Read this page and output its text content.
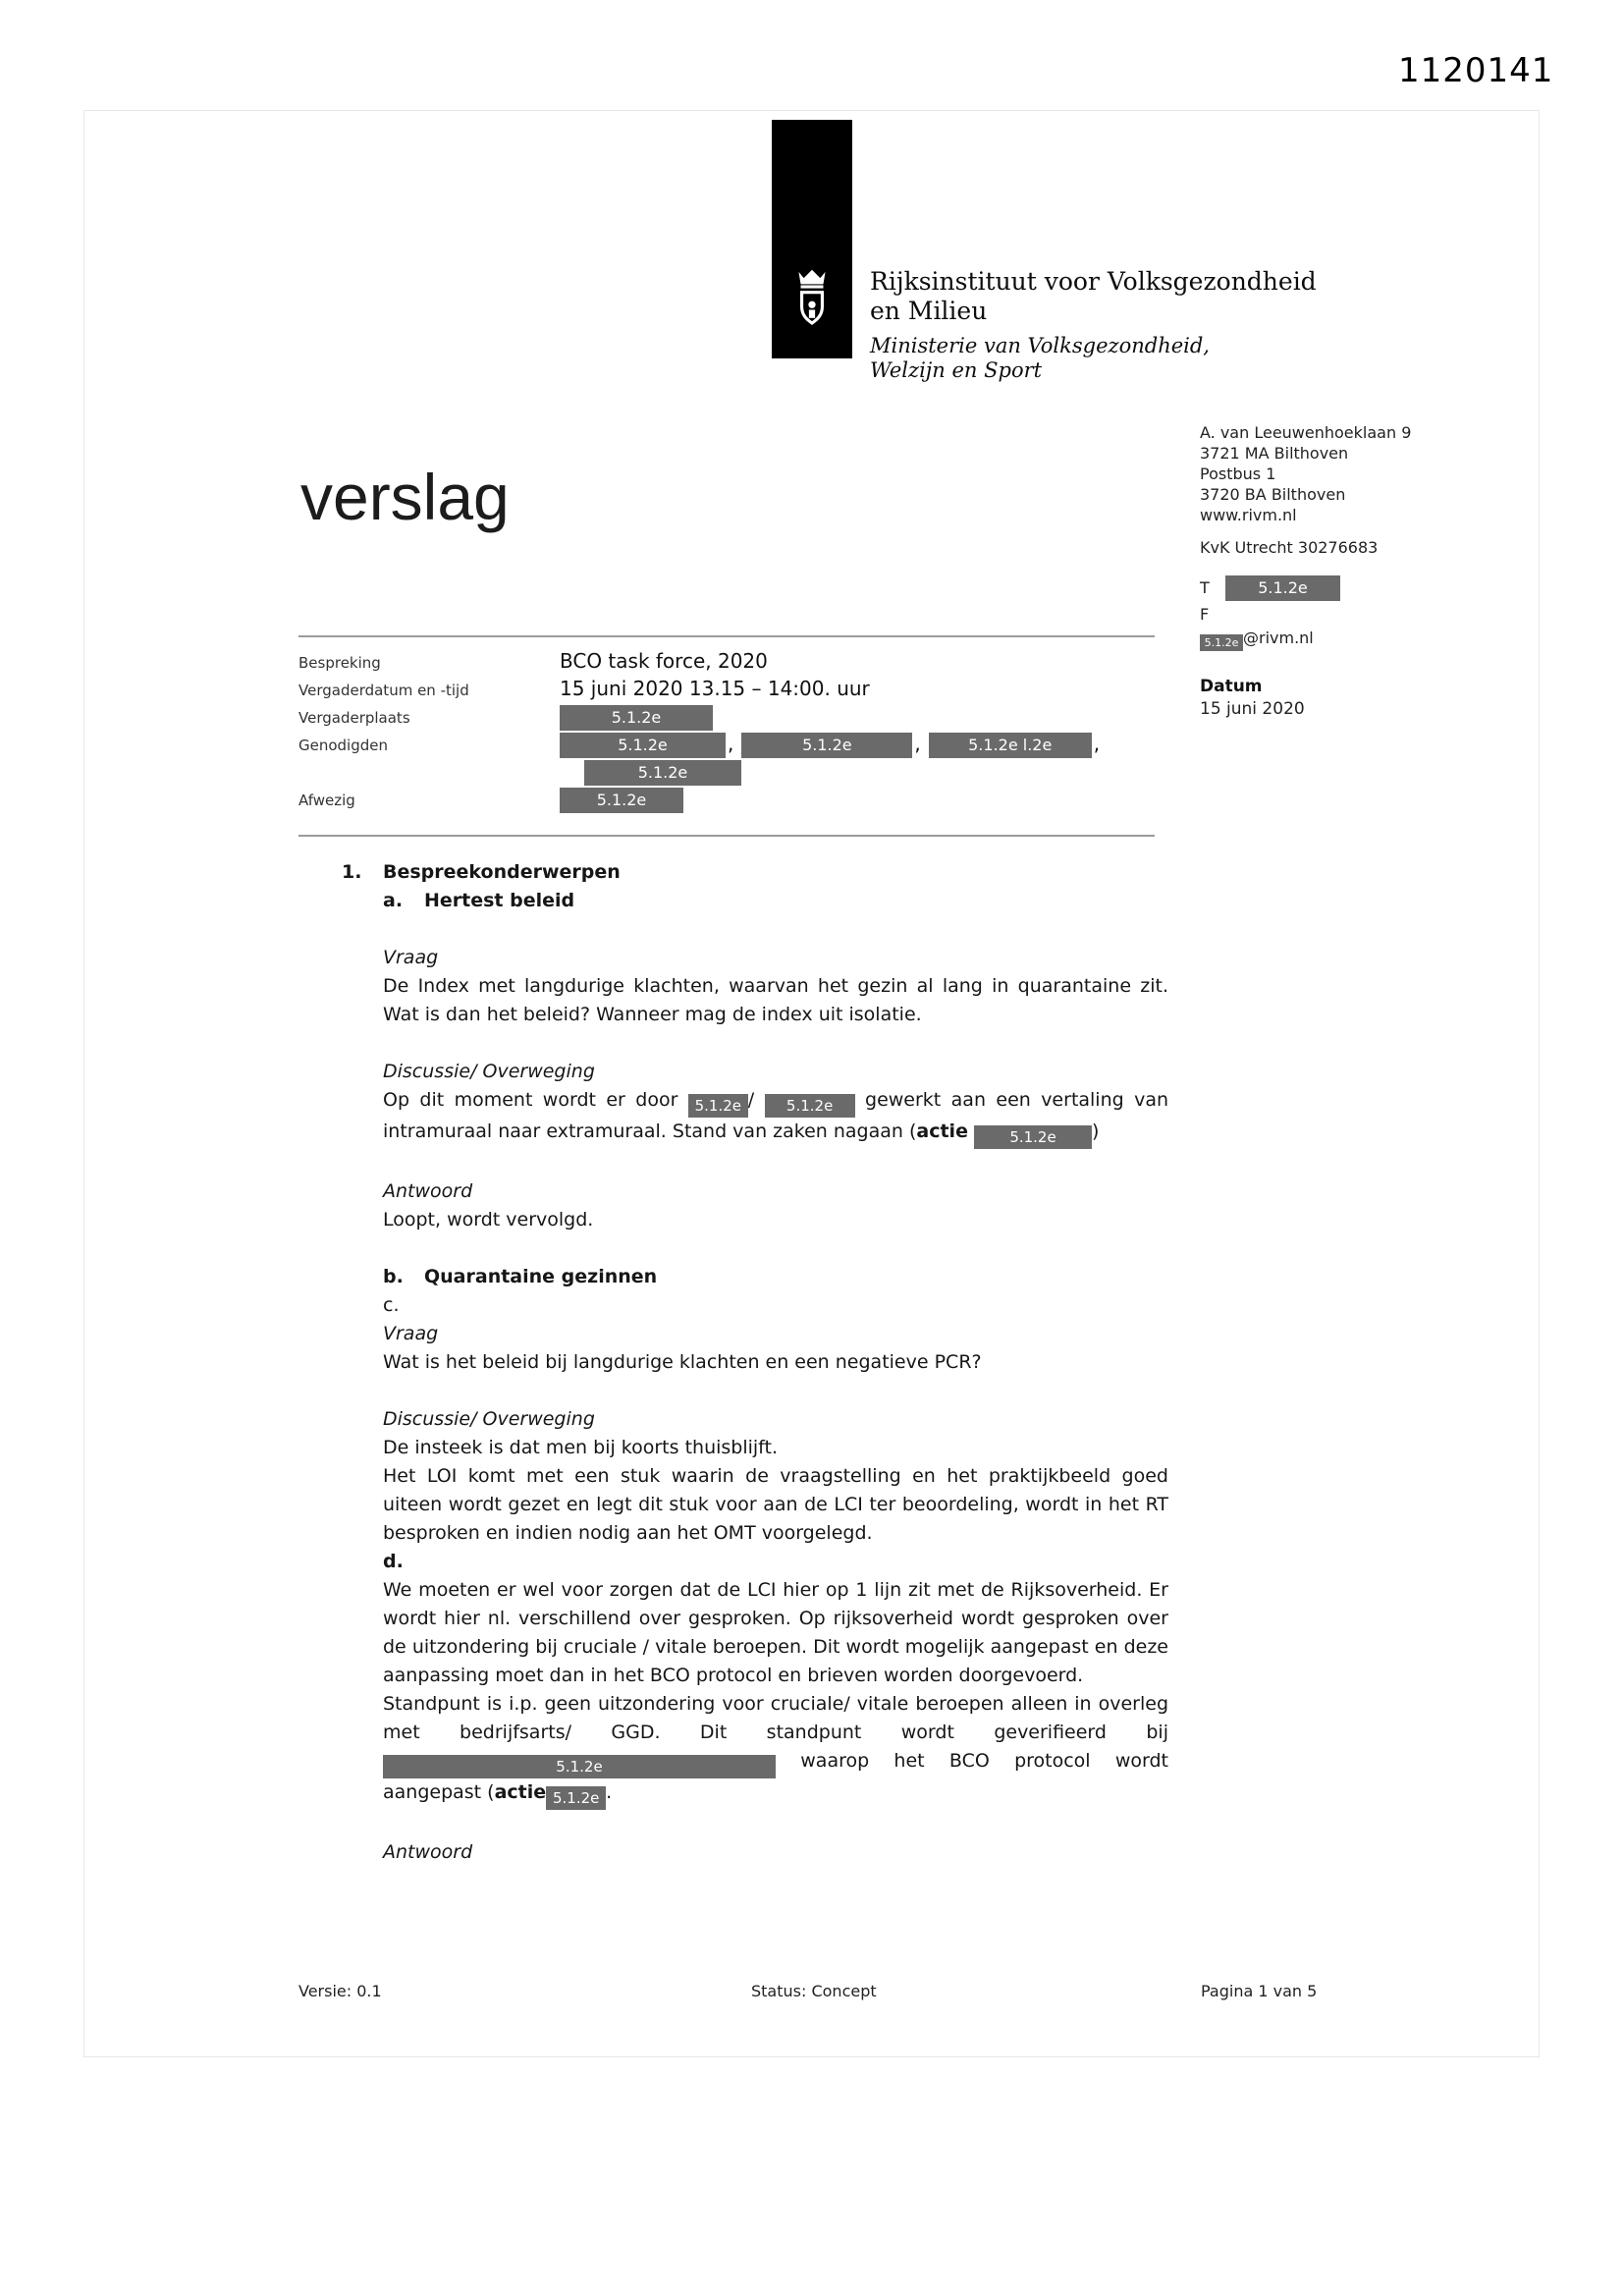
1120141
Rijksinstituut voor Volksgezondheid
en Milieu
Ministerie van Volksgezondheid,
Welzijn en Sport
verslag
A. van Leeuwenhoeklaan 9
3721 MA Bilthoven
Postbus 1
3720 BA Bilthoven
www.rivm.nl
KvK Utrecht 30276683
T	5.1.2e
F
5.1.2e @rivm.nl
Datum
15 juni 2020
Bespreking	BCO task force, 2020
Vergaderdatum en -tijd	15 juni 2020 13.15 – 14:00. uur
Vergaderplaats	5.1.2e
Genodigden	5.1.2e	,	5.1.2e	,	5.1.2e l.2e ,
5.1.2e
Afwezig	5.1.2e
1. Bespreekonderwerpen
a. Hertest beleid
Vraag

De Index met langdurige klachten, waarvan het gezin al lang in quarantaine zit. Wat is dan het beleid? Wanneer mag de index uit isolatie.

Discussie/ Overweging

Op dit moment wordt er door 5.1.2e / 5.1.2e gewerkt aan een vertaling van intramuraal naar extramuraal. Stand van zaken nagaan (actie	5.1.2e )

Antwoord

Loopt, wordt vervolgd.

b. Quarantaine gezinnen

c.

Vraag

Wat is het beleid bij langdurige klachten en een negatieve PCR?

Discussie/ Overweging

De insteek is dat men bij koorts thuisblijft.

Het LOI komt met een stuk waarin de vraagstelling en het praktijkbeeld goed uiteen wordt gezet en legt dit stuk voor aan de LCI ter beoordeling, wordt in het RT besproken en indien nodig aan het OMT voorgelegd.

d.

We moeten er wel voor zorgen dat de LCI hier op 1 lijn zit met de Rijksoverheid. Er wordt hier nl. verschillend over gesproken. Op rijksoverheid wordt gesproken over de uitzondering bij cruciale / vitale beroepen. Dit wordt mogelijk aangepast en deze aanpassing moet dan in het BCO protocol en brieven worden doorgevoerd.

Standpunt is i.p. geen uitzondering voor cruciale/ vitale beroepen alleen in overleg met bedrijfsarts/ GGD. Dit standpunt wordt geverifieerd bij 5.1.2e	waarop het BCO protocol wordt aangepast (actie 5.1.2e .

Antwoord
Versie: 0.1	Status: Concept	Pagina 1 van 5
